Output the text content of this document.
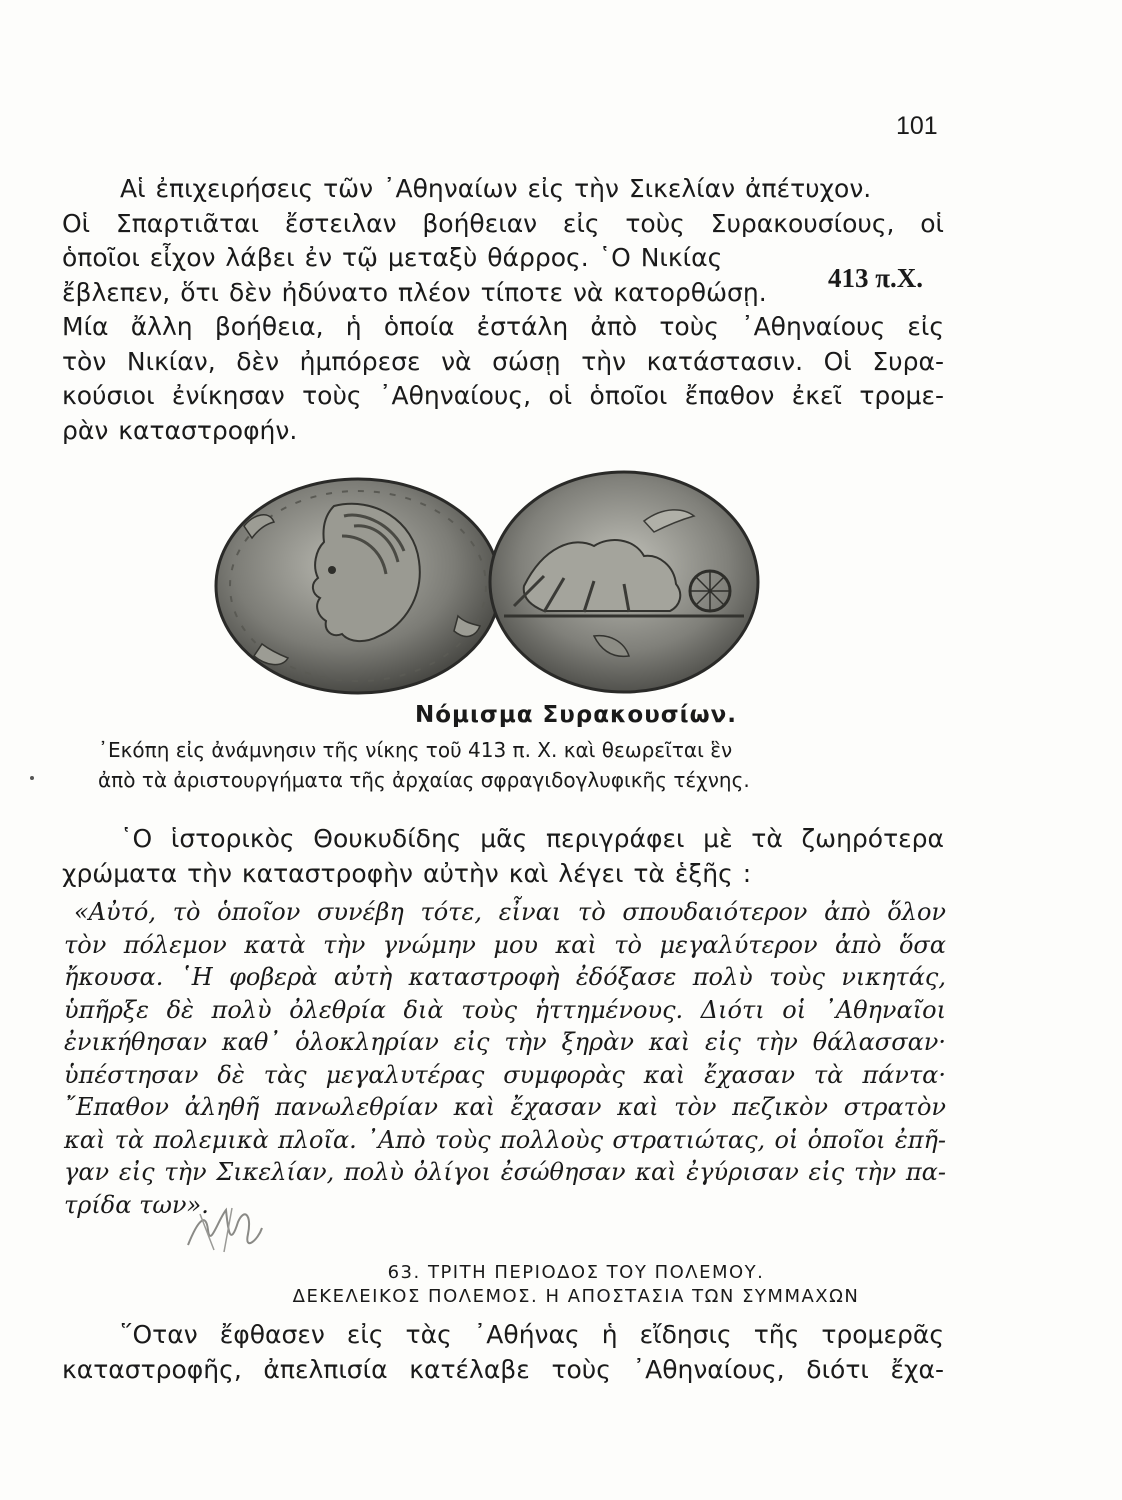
101
413 π.Χ.
Αἱ ἐπιχειρήσεις τῶν ᾿Αθηναίων εἰς τὴν Σικελίαν ἀπέτυχον.
Οἱ Σπαρτιᾶται ἔστειλαν βοήθειαν εἰς τοὺς Συρακουσίους, οἱ
ὁποῖοι εἶχον λάβει ἐν τῷ μεταξὺ θάρρος. ῾Ο Νικίας
ἔβλεπεν, ὅτι δὲν ἠδύνατο πλέον τίποτε νὰ κατορθώσῃ.
Μία ἄλλη βοήθεια, ἡ ὁποία ἐστάλη ἀπὸ τοὺς ᾿Αθηναίους εἰς
τὸν Νικίαν, δὲν ἠμπόρεσε νὰ σώσῃ τὴν κατάστασιν. Οἱ Συρα-
κούσιοι ἐνίκησαν τοὺς ᾿Αθηναίους, οἱ ὁποῖοι ἔπαθον ἐκεῖ τρομε-
ρὰν καταστροφήν.
Νόμισμα Συρακουσίων.
᾿Εκόπη εἰς ἀνάμνησιν τῆς νίκης τοῦ 413 π. Χ. καὶ θεωρεῖται ἓν
ἀπὸ τὰ ἀριστουργήματα τῆς ἀρχαίας σφραγιδογλυφικῆς τέχνης.
῾Ο ἱστορικὸς Θουκυδίδης μᾶς περιγράφει μὲ τὰ ζωηρότερα
χρώματα τὴν καταστροφὴν αὐτὴν καὶ λέγει τὰ ἑξῆς :
«Αὐτό, τὸ ὁποῖον συνέβη τότε, εἶναι τὸ σπουδαιότερον ἀπὸ ὅλον
τὸν πόλεμον κατὰ τὴν γνώμην μου καὶ τὸ μεγαλύτερον ἀπὸ ὅσα
ἤκουσα. ῾Η φοβερὰ αὐτὴ καταστροφὴ ἐδόξασε πολὺ τοὺς νικητάς,
ὑπῆρξε δὲ πολὺ ὀλεθρία διὰ τοὺς ἡττημένους. Διότι οἱ ᾿Αθηναῖοι
ἐνικήθησαν καθ᾿ ὁλοκληρίαν εἰς τὴν ξηρὰν καὶ εἰς τὴν θάλασσαν·
ὑπέστησαν δὲ τὰς μεγαλυτέρας συμφορὰς καὶ ἔχασαν τὰ πάντα·
῎Επαθον ἀληθῆ πανωλεθρίαν καὶ ἔχασαν καὶ τὸν πεζικὸν στρατὸν
καὶ τὰ πολεμικὰ πλοῖα. ᾿Απὸ τοὺς πολλοὺς στρατιώτας, οἱ ὁποῖοι ἐπῆ-
γαν εἰς τὴν Σικελίαν, πολὺ ὀλίγοι ἐσώθησαν καὶ ἐγύρισαν εἰς τὴν πα-
τρίδα των».
63. ΤΡΙΤΗ ΠΕΡΙΟΔΟΣ ΤΟΥ ΠΟΛΕΜΟΥ.
ΔΕΚΕΛΕΙΚΟΣ ΠΟΛΕΜΟΣ. Η ΑΠΟΣΤΑΣΙΑ ΤΩΝ ΣΥΜΜΑΧΩΝ
῞Οταν ἔφθασεν εἰς τὰς ᾿Αθήνας ἡ εἴδησις τῆς τρομερᾶς
καταστροφῆς, ἀπελπισία κατέλαβε τοὺς ᾿Αθηναίους, διότι ἔχα-
